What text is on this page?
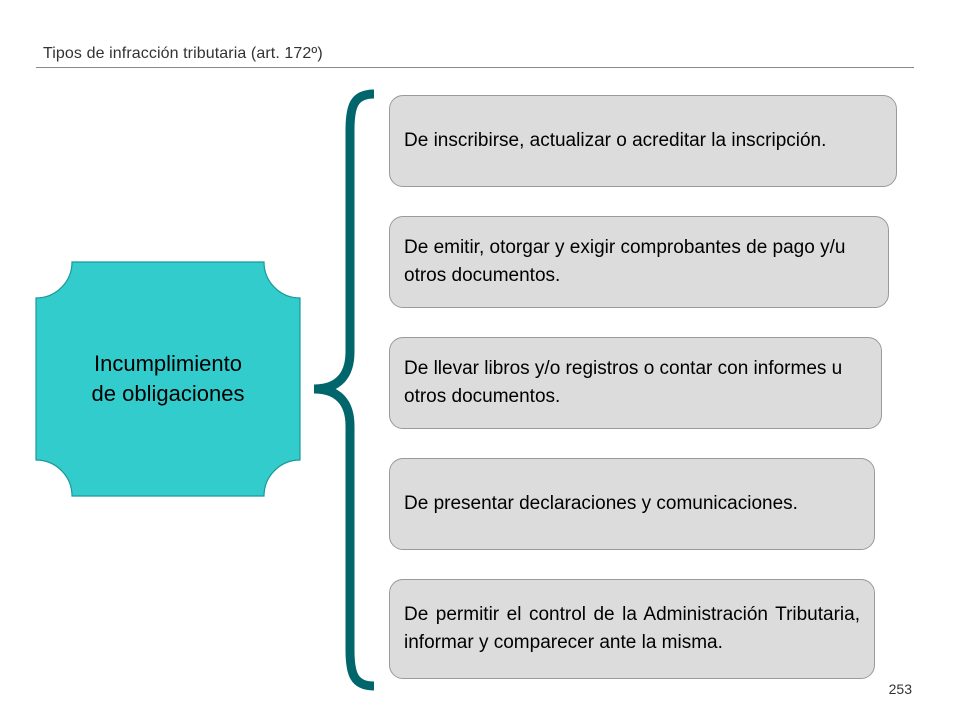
Tipos de infracción tributaria (art. 172º)
Incumplimiento
de obligaciones
De inscribirse, actualizar o acreditar la inscripción.
De emitir, otorgar y exigir comprobantes de pago y/u otros documentos.
De llevar libros y/o registros o contar con informes u otros documentos.
De presentar declaraciones y comunicaciones.
De permitir el control de la Administración Tributaria, informar y comparecer ante la misma.
253
